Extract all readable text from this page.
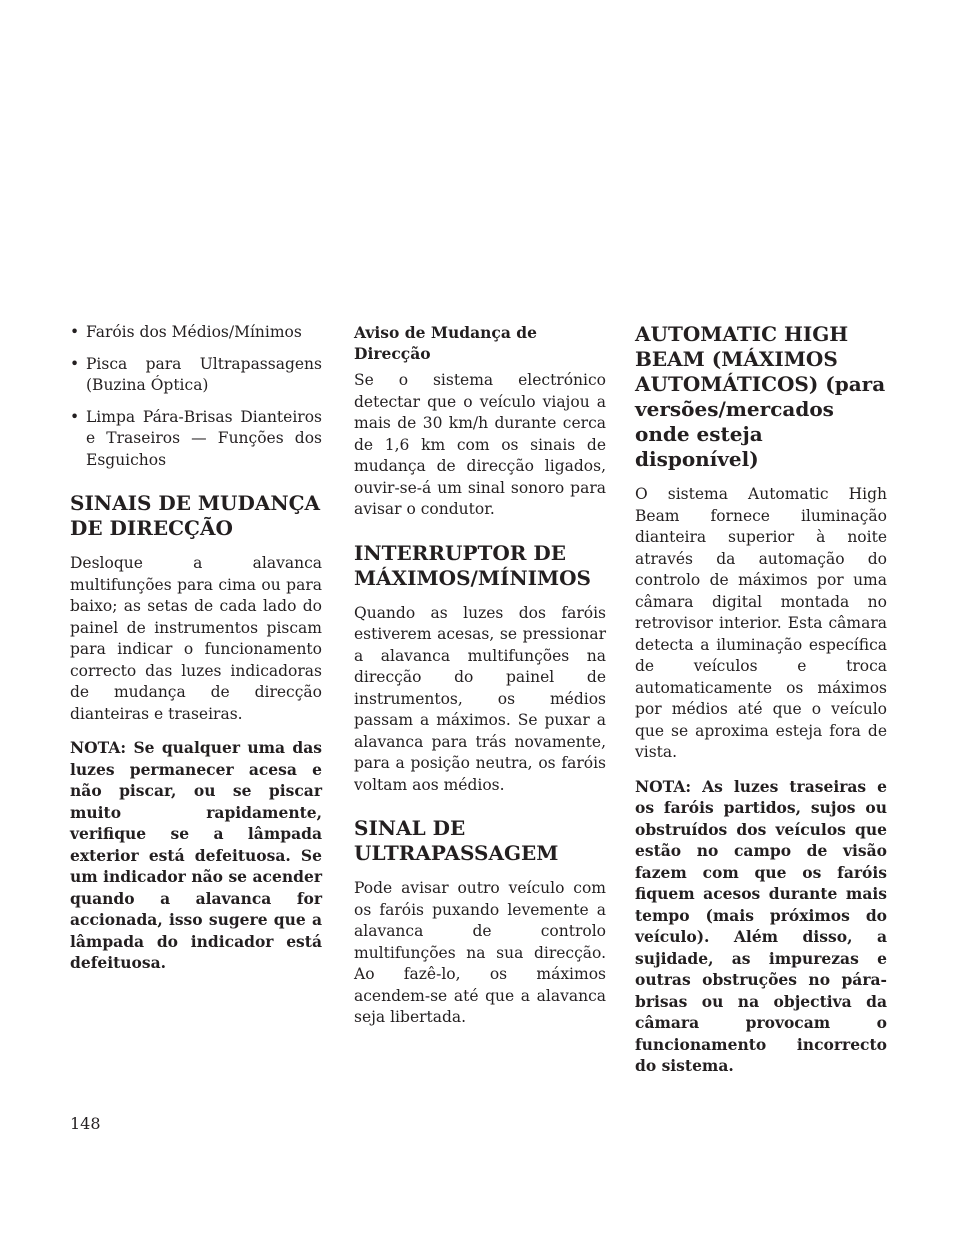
• Faróis dos Médios/Mínimos
• Pisca para Ultrapassagens (Buzina Óptica)
• Limpa Pára-Brisas Dianteiros e Traseiros — Funções dos Esguichos
SINAIS DE MUDANÇA DE DIRECÇÃO

Desloque a alavanca multifunções para cima ou para baixo; as setas de cada lado do painel de instrumentos piscam para indicar o funcionamento correcto das luzes indicadoras de mudança de direcção dianteiras e traseiras.

NOTA: Se qualquer uma das luzes permanecer acesa e não piscar, ou se piscar muito rapidamente, verifique se a lâmpada exterior está defeituosa. Se um indicador não se acender quando a alavanca for accionada, isso sugere que a lâmpada do indicador está defeituosa.

Aviso de Mudança de Direcção

Se o sistema electrónico detectar que o veículo viajou a mais de 30 km/h durante cerca de 1,6 km com os sinais de mudança de direcção ligados, ouvir-se-á um sinal sonoro para avisar o condutor.

INTERRUPTOR DE MÁXIMOS/MÍNIMOS

Quando as luzes dos faróis estiverem acesas, se pressionar a alavanca multifunções na direcção do painel de instrumentos, os médios passam a máximos. Se puxar a alavanca para trás novamente, para a posição neutra, os faróis voltam aos médios.

SINAL DE ULTRAPASSAGEM

Pode avisar outro veículo com os faróis puxando levemente a alavanca de controlo multifunções na sua direcção. Ao fazê-lo, os máximos acendem-se até que a alavanca seja libertada.

AUTOMATIC HIGH BEAM (MÁXIMOS AUTOMÁTICOS) (para versões/mercados onde esteja disponível)

O sistema Automatic High Beam fornece iluminação dianteira superior à noite através da automação do controlo de máximos por uma câmara digital montada no retrovisor interior. Esta câmara detecta a iluminação específica de veículos e troca automaticamente os máximos por médios até que o veículo que se aproxima esteja fora de vista.

NOTA: As luzes traseiras e os faróis partidos, sujos ou obstruídos dos veículos que estão no campo de visão fazem com que os faróis fiquem acesos durante mais tempo (mais próximos do veículo). Além disso, a sujidade, as impurezas e outras obstruções no pára-brisas ou na objectiva da câmara provocam o funcionamento incorrecto do sistema.

148
